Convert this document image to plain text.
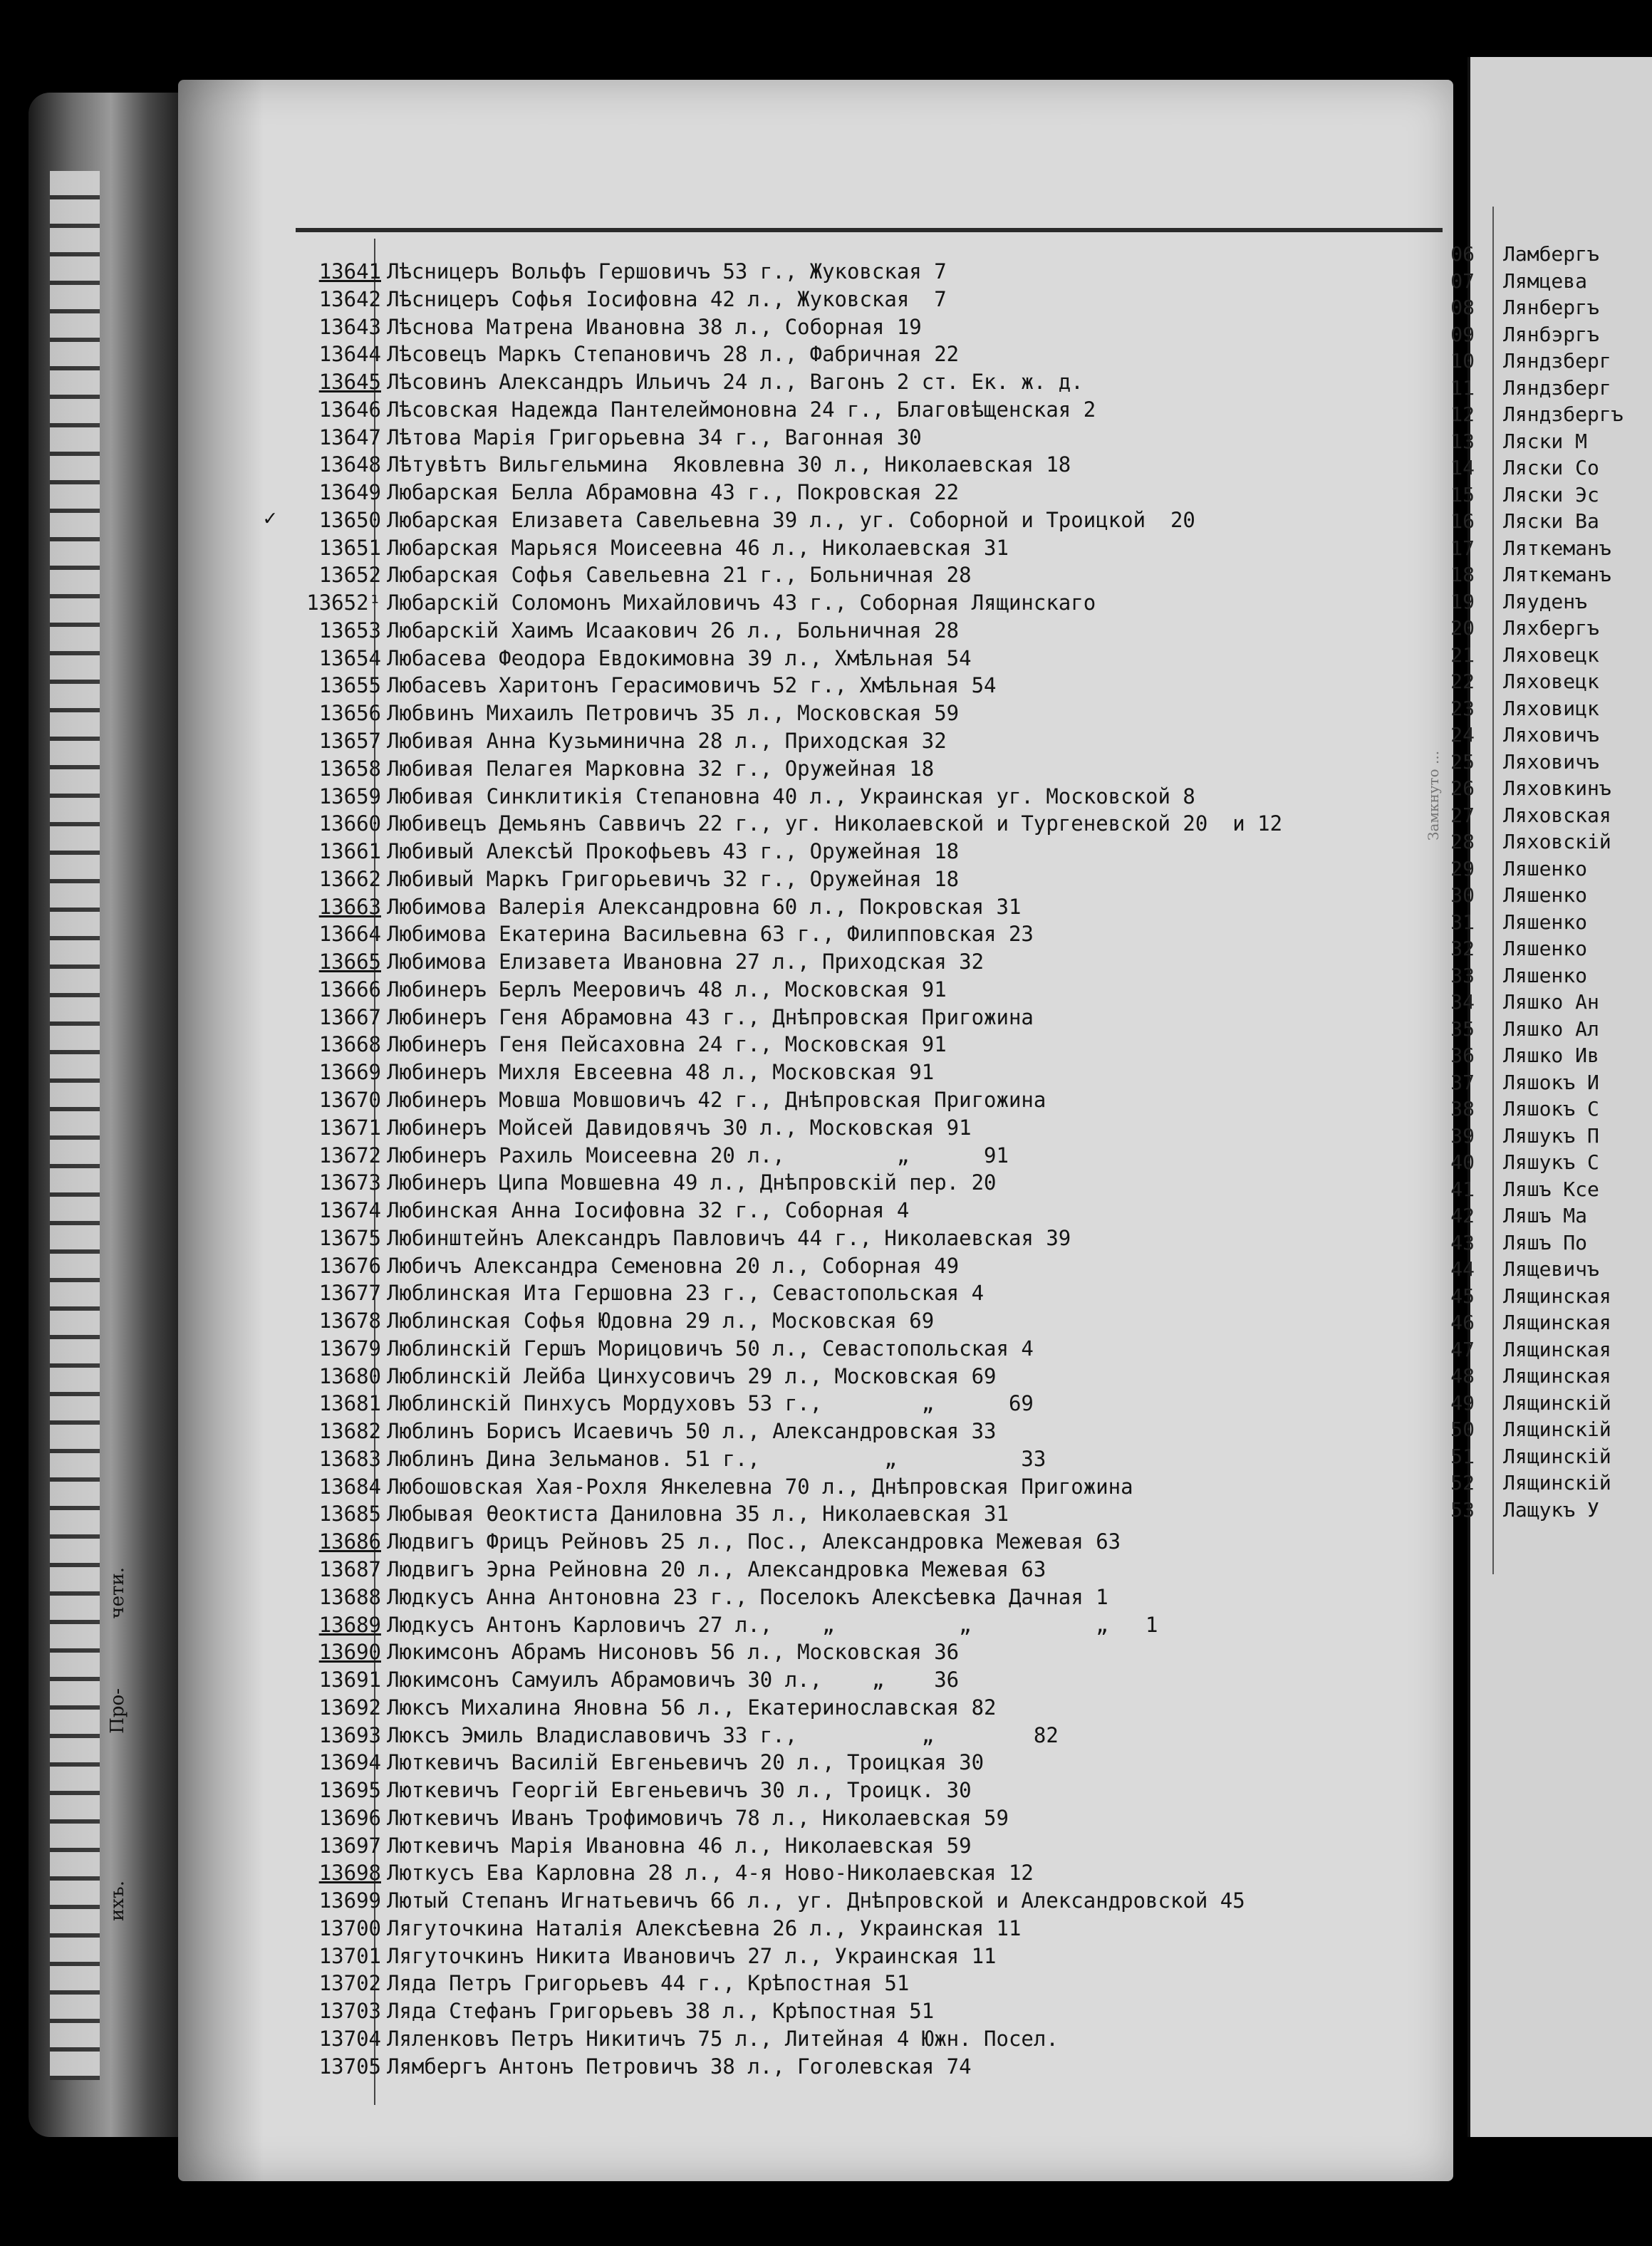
Про-
ихъ.
чети.
13641 Лѣсницеръ Вольфъ Гершовичъ 53 г., Жуковская 7
13642 Лѣсницеръ Софья Іосифовна 42 л., Жуковская  7
13643 Лѣснова Матрена Ивановна 38 л., Соборная 19
13644 Лѣсовецъ Маркъ Степановичъ 28 л., Фабричная 22
13645 Лѣсовинъ Александръ Ильичъ 24 л., Вагонъ 2 ст. Ек. ж. д.
13646 Лѣсовская Надежда Пантелеймоновна 24 г., Благовѣщенская 2
13647 Лѣтова Марія Григорьевна 34 г., Вагонная 30
13648 Лѣтувѣтъ Вильгельмина  Яковлевна 30 л., Николаевская 18
13649 Любарская Белла Абрамовна 43 г., Покровская 22
✓ 13650 Любарская Елизавета Савельевна 39 л., уг. Соборной и Троицкой  20
13651 Любарская Марьяся Моисеевна 46 л., Николаевская 31
13652 Любарская Софья Савельевна 21 г., Больничная 28
13652¹ Любарскій Соломонъ Михайловичъ 43 г., Соборная Лящинскаго
13653 Любарскій Хаимъ Исаакович 26 л., Больничная 28
13654 Любасева Феодора Евдокимовна 39 л., Хмѣльная 54
13655 Любасевъ Харитонъ Герасимовичъ 52 г., Хмѣльная 54
13656 Любвинъ Михаилъ Петровичъ 35 л., Московская 59
13657 Любивая Анна Кузьминична 28 л., Приходская 32
13658 Любивая Пелагея Марковна 32 г., Оружейная 18
13659 Любивая Синклитикія Степановна 40 л., Украинская уг. Московской 8
13660 Любивецъ Демьянъ Саввичъ 22 г., уг. Николаевской и Тургеневской 20  и 12
13661 Любивый Алексѣй Прокофьевъ 43 г., Оружейная 18
13662 Любивый Маркъ Григорьевичъ 32 г., Оружейная 18
13663 Любимова Валерія Александровна 60 л., Покровская 31
13664 Любимова Екатерина Васильевна 63 г., Филипповская 23
13665 Любимова Елизавета Ивановна 27 л., Приходская 32
13666 Любинеръ Берлъ Мееровичъ 48 л., Московская 91
13667 Любинеръ Геня Абрамовна 43 г., Днѣпровская Пригожина
13668 Любинеръ Геня Пейсаховна 24 г., Московская 91
13669 Любинеръ Михля Евсеевна 48 л., Московская 91
13670 Любинеръ Мовша Мовшовичъ 42 г., Днѣпровская Пригожина
13671 Любинеръ Мойсей Давидовячъ 30 л., Московская 91
13672 Любинеръ Рахиль Моисеевна 20 л.,         „      91
13673 Любинеръ Ципа Мовшевна 49 л., Днѣпровскій пер. 20
13674 Любинская Анна Іосифовна 32 г., Соборная 4
13675 Любинштейнъ Александръ Павловичъ 44 г., Николаевская 39
13676 Любичъ Александра Семеновна 20 л., Соборная 49
13677 Люблинская Ита Гершовна 23 г., Севастопольская 4
13678 Люблинская Софья Юдовна 29 л., Московская 69
13679 Люблинскій Гершъ Морицовичъ 50 л., Севастопольская 4
13680 Люблинскій Лейба Цинхусовичъ 29 л., Московская 69
13681 Люблинскій Пинхусъ Мордуховъ 53 г.,        „      69
13682 Люблинъ Борисъ Исаевичъ 50 л., Александровская 33
13683 Люблинъ Дина Зельманов. 51 г.,          „          33
13684 Любошовская Хая-Рохля Янкелевна 70 л., Днѣпровская Пригожина
13685 Любывая Өеоктиста Даниловна 35 л., Николаевская 31
13686 Людвигъ Фрицъ Рейновъ 25 л., Пос., Александровка Межевая 63
13687 Людвигъ Эрна Рейновна 20 л., Александровка Межевая 63
13688 Людкусъ Анна Антоновна 23 г., Поселокъ Алексѣевка Дачная 1
13689 Людкусъ Антонъ Карловичъ 27 л.,    „          „          „   1
13690 Люкимсонъ Абрамъ Нисоновъ 56 л., Московская 36
13691 Люкимсонъ Самуилъ Абрамовичъ 30 л.,    „    36
13692 Люксъ Михалина Яновна 56 л., Екатеринославская 82
13693 Люксъ Эмиль Владиславовичъ 33 г.,          „        82
13694 Люткевичъ Василій Евгеньевичъ 20 л., Троицкая 30
13695 Люткевичъ Георгій Евгеньевичъ 30 л., Троицк. 30
13696 Люткевичъ Иванъ Трофимовичъ 78 л., Николаевская 59
13697 Люткевичъ Марія Ивановна 46 л., Николаевская 59
13698 Люткусъ Ева Карловна 28 л., 4-я Ново-Николаевская 12
13699 Лютый Степанъ Игнатьевичъ 66 л., уг. Днѣпровской и Александровской 45
13700 Лягуточкина Наталія Алексѣевна 26 л., Украинская 11
13701 Лягуточкинъ Никита Ивановичъ 27 л., Украинская 11
13702 Ляда Петръ Григорьевъ 44 г., Крѣпостная 51
13703 Ляда Стефанъ Григорьевъ 38 л., Крѣпостная 51
13704 Ляленковъ Петръ Никитичъ 75 л., Литейная 4 Южн. Посел.
13705 Лямбергъ Антонъ Петровичъ 38 л., Гоголевская 74
Замкнуто ...
06 Ламбергъ
07 Лямцева
08 Лянбергъ
09 Лянбэргъ
10 Ляндзберг
11 Ляндзберг
12 Ляндзбергъ
13 Ляски М
14 Ляски Со
15 Ляски Эс
16 Ляски Ва
17 Ляткеманъ
18 Ляткеманъ
19 Ляуденъ
20 Ляхбергъ
21 Ляховецк
22 Ляховецк
23 Ляховицк
24 Ляховичъ
25 Ляховичъ
26 Ляховкинъ
27 Ляховская
28 Ляховскій
29 Ляшенко
30 Ляшенко
31 Ляшенко
32 Ляшенко
33 Ляшенко
34 Ляшко Ан
35 Ляшко Ал
36 Ляшко Ив
37 Ляшокъ И
38 Ляшокъ С
39 Ляшукъ П
40 Ляшукъ С
41 Ляшъ Ксе
42 Ляшъ Ма
43 Ляшъ По
44 Лящевичъ
45 Лящинская
46 Лящинская
47 Лящинская
48 Лящинская
49 Лящинскій
50 Лящинскій
51 Лящинскій
52 Лящинскій
53 Лащукъ У
